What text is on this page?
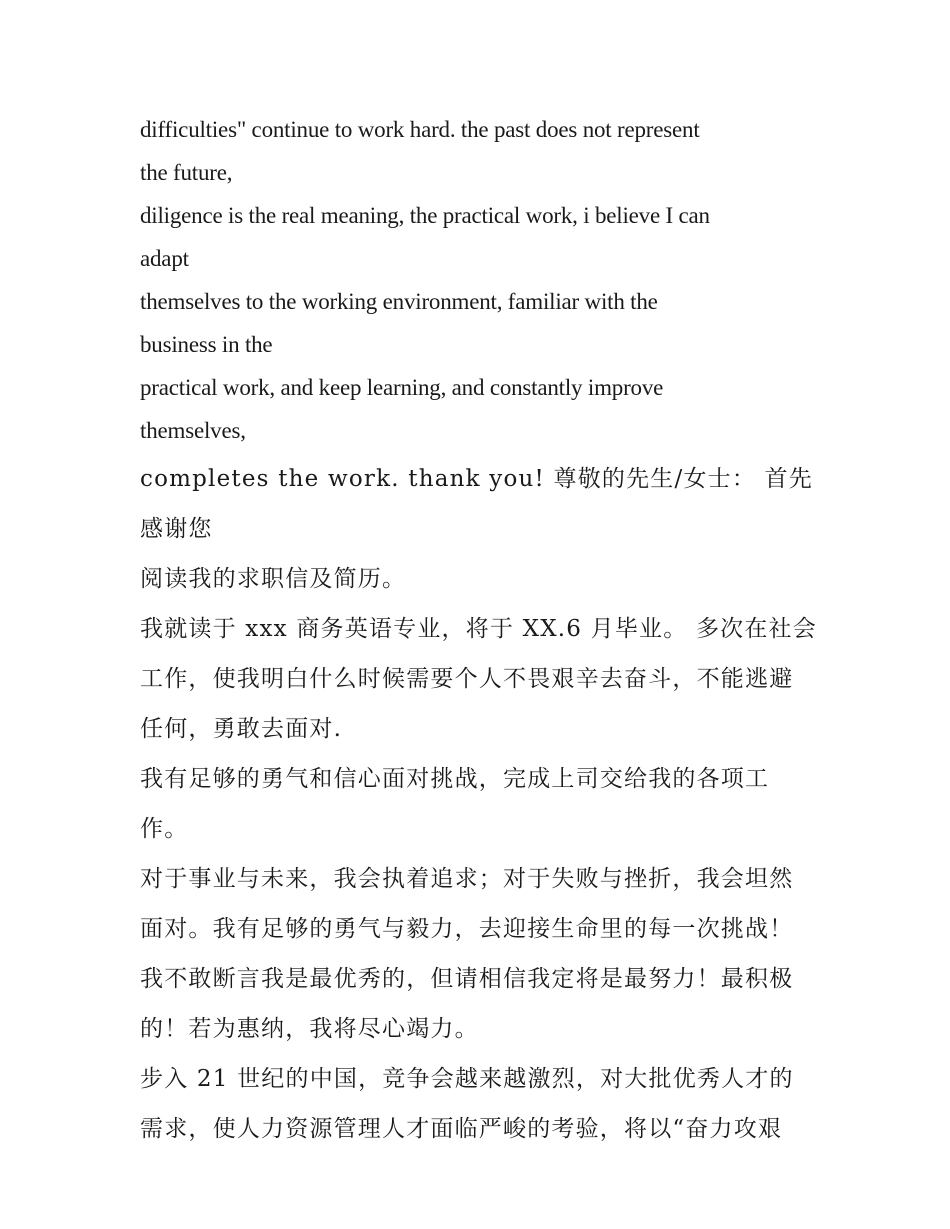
difficulties" continue to work hard. the past does not represent
the future,

diligence is the real meaning, the practical work, i believe I can
adapt

themselves to the working environment, familiar with the
business in the

practical work, and keep learning, and constantly improve
themselves,

completes the work. thank you! 尊敬的先生/女士： 首先感谢您
阅读我的求职信及简历。

我就读于 xxx 商务英语专业，将于 XX.6 月毕业。 多次在社会
工作，使我明白什么时候需要个人不畏艰辛去奋斗，不能逃避
任何，勇敢去面对.

我有足够的勇气和信心面对挑战，完成上司交给我的各项工
作。

对于事业与未来，我会执着追求；对于失败与挫折，我会坦然
面对。我有足够的勇气与毅力，去迎接生命里的每一次挑战！
我不敢断言我是最优秀的，但请相信我定将是最努力！最积极
的！若为惠纳，我将尽心竭力。

步入 21 世纪的中国，竞争会越来越激烈，对大批优秀人才的
需求，使人力资源管理人才面临严峻的考验，将以“奋力攻艰
